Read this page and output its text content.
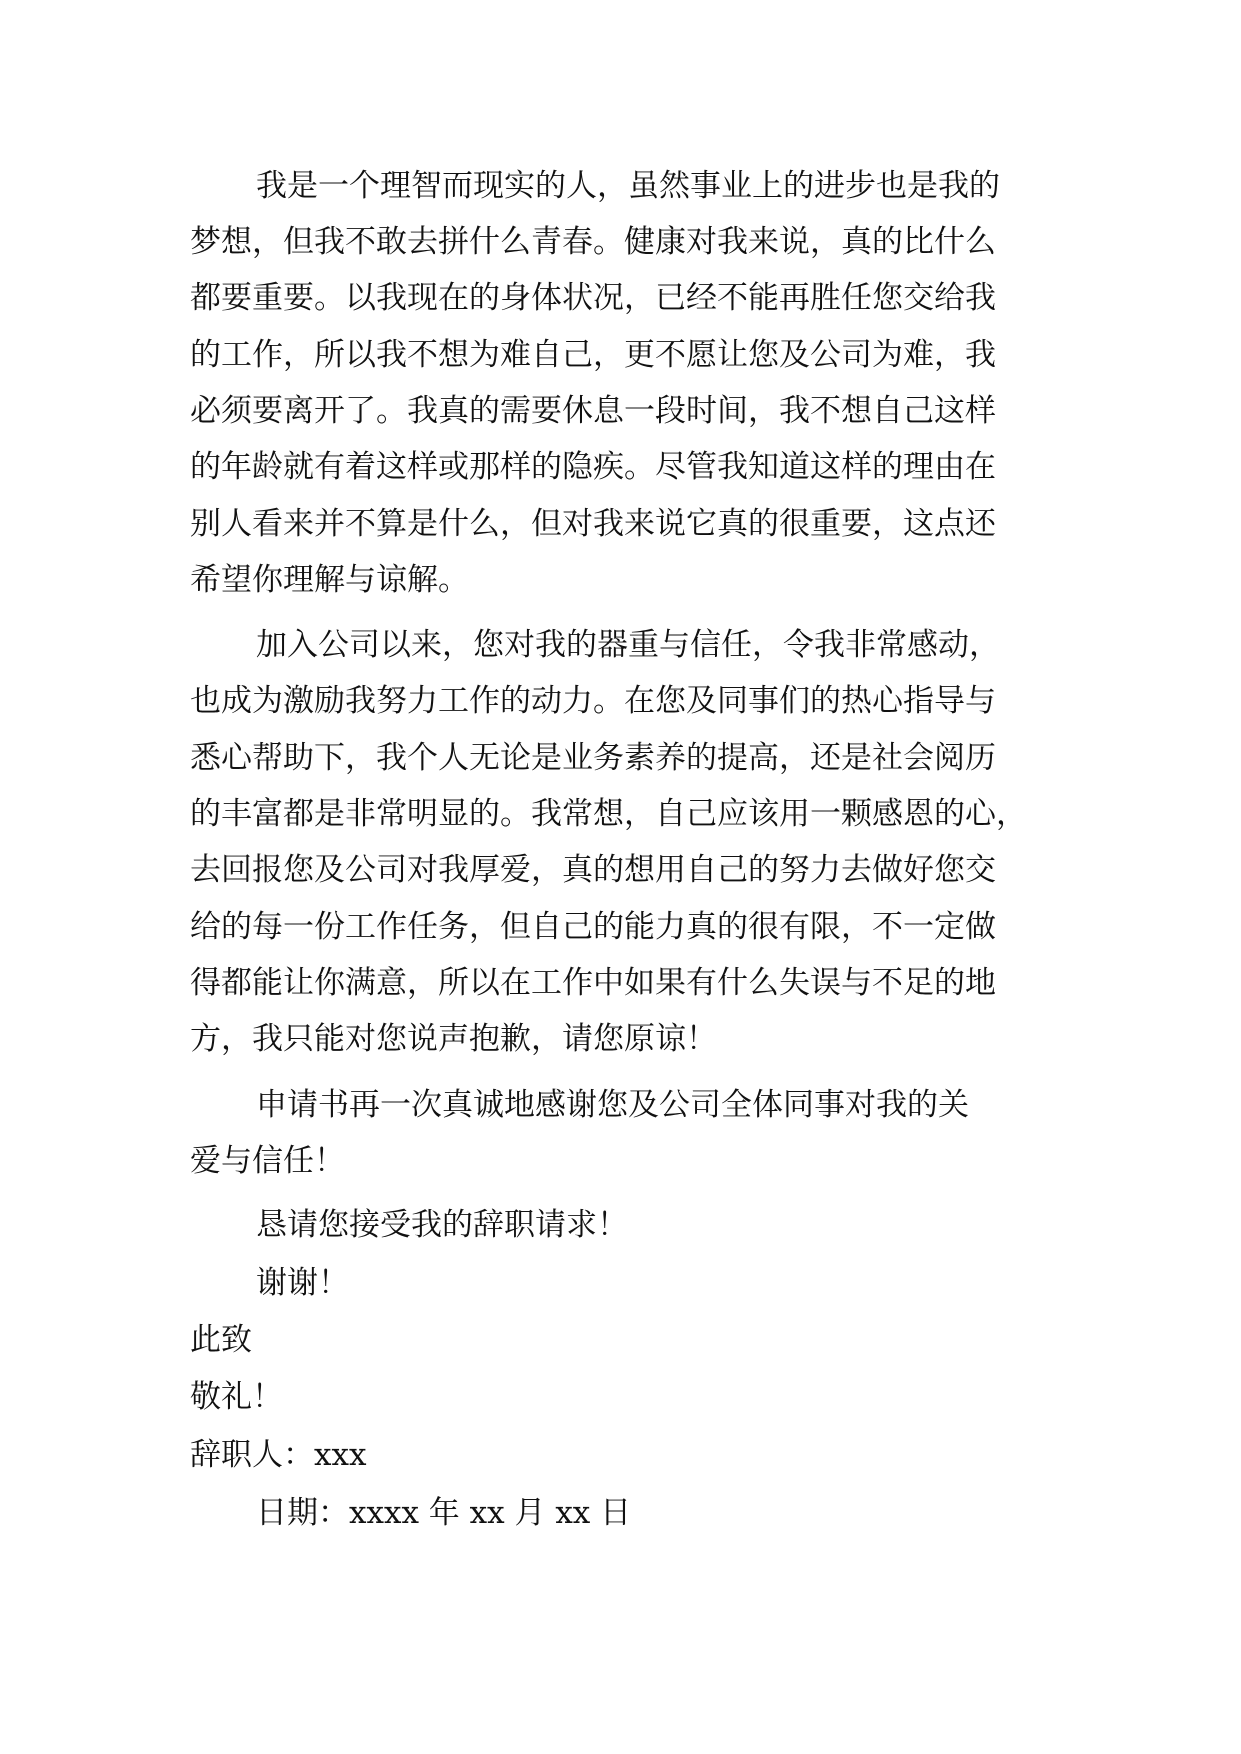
我是一个理智而现实的人，虽然事业上的进步也是我的
梦想，但我不敢去拼什么青春。健康对我来说，真的比什么
都要重要。以我现在的身体状况，已经不能再胜任您交给我
的工作，所以我不想为难自己，更不愿让您及公司为难，我
必须要离开了。我真的需要休息一段时间，我不想自己这样
的年龄就有着这样或那样的隐疾。尽管我知道这样的理由在
别人看来并不算是什么，但对我来说它真的很重要，这点还
希望你理解与谅解。
加入公司以来，您对我的器重与信任，令我非常感动，
也成为激励我努力工作的动力。在您及同事们的热心指导与
悉心帮助下，我个人无论是业务素养的提高，还是社会阅历
的丰富都是非常明显的。我常想，自己应该用一颗感恩的心，
去回报您及公司对我厚爱，真的想用自己的努力去做好您交
给的每一份工作任务，但自己的能力真的很有限，不一定做
得都能让你满意，所以在工作中如果有什么失误与不足的地
方，我只能对您说声抱歉，请您原谅！
申请书再一次真诚地感谢您及公司全体同事对我的关
爱与信任！
恳请您接受我的辞职请求！
谢谢！
此致
敬礼！
辞职人：xxx
日期：xxxx 年 xx 月 xx 日
